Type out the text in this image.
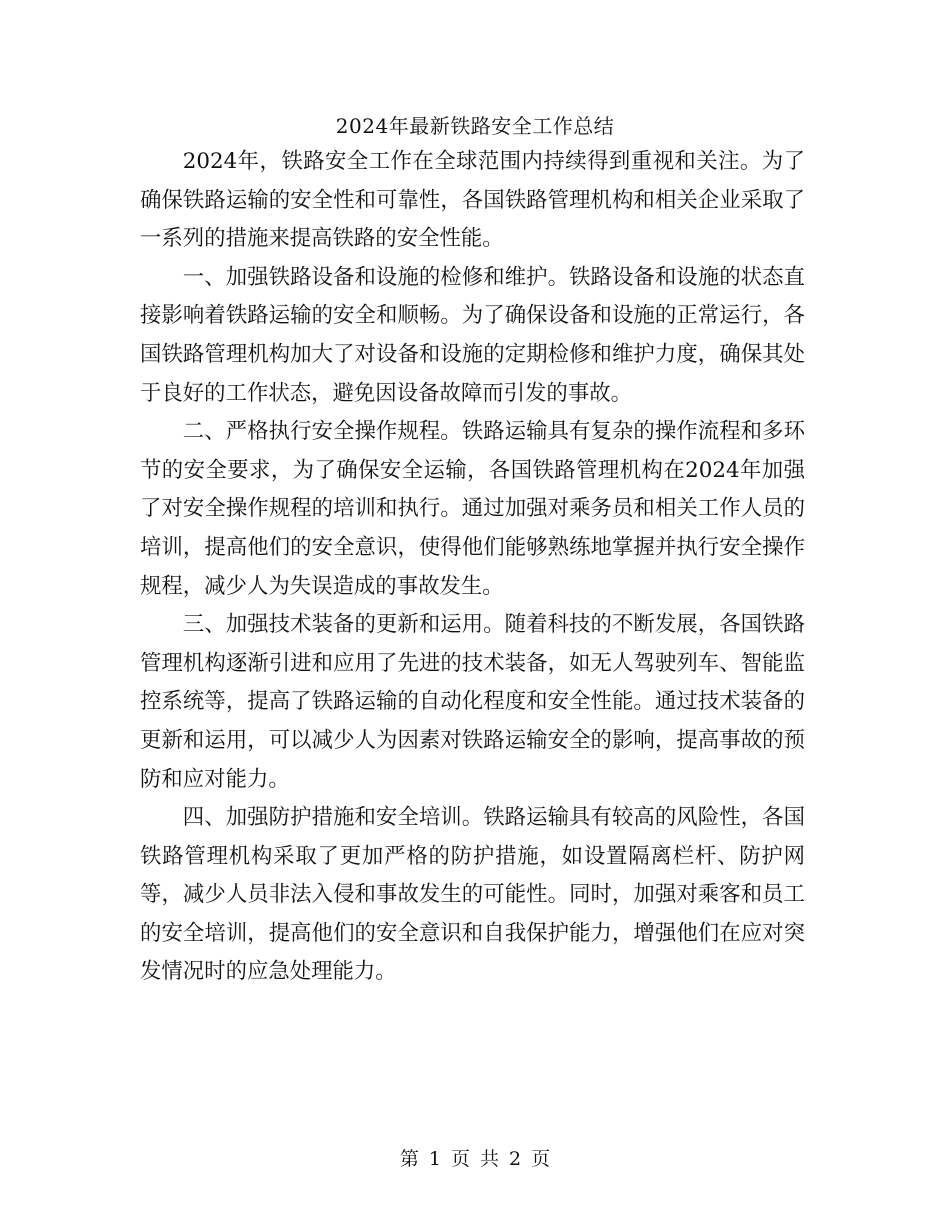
2024年最新铁路安全工作总结

2024年，铁路安全工作在全球范围内持续得到重视和关注。为了确保铁路运输的安全性和可靠性，各国铁路管理机构和相关企业采取了一系列的措施来提高铁路的安全性能。

一、加强铁路设备和设施的检修和维护。铁路设备和设施的状态直接影响着铁路运输的安全和顺畅。为了确保设备和设施的正常运行，各国铁路管理机构加大了对设备和设施的定期检修和维护力度，确保其处于良好的工作状态，避免因设备故障而引发的事故。

二、严格执行安全操作规程。铁路运输具有复杂的操作流程和多环节的安全要求，为了确保安全运输，各国铁路管理机构在2024年加强了对安全操作规程的培训和执行。通过加强对乘务员和相关工作人员的培训，提高他们的安全意识，使得他们能够熟练地掌握并执行安全操作规程，减少人为失误造成的事故发生。

三、加强技术装备的更新和运用。随着科技的不断发展，各国铁路管理机构逐渐引进和应用了先进的技术装备，如无人驾驶列车、智能监控系统等，提高了铁路运输的自动化程度和安全性能。通过技术装备的更新和运用，可以减少人为因素对铁路运输安全的影响，提高事故的预防和应对能力。

四、加强防护措施和安全培训。铁路运输具有较高的风险性，各国铁路管理机构采取了更加严格的防护措施，如设置隔离栏杆、防护网等，减少人员非法入侵和事故发生的可能性。同时，加强对乘客和员工的安全培训，提高他们的安全意识和自我保护能力，增强他们在应对突发情况时的应急处理能力。

第 1 页 共 2 页
